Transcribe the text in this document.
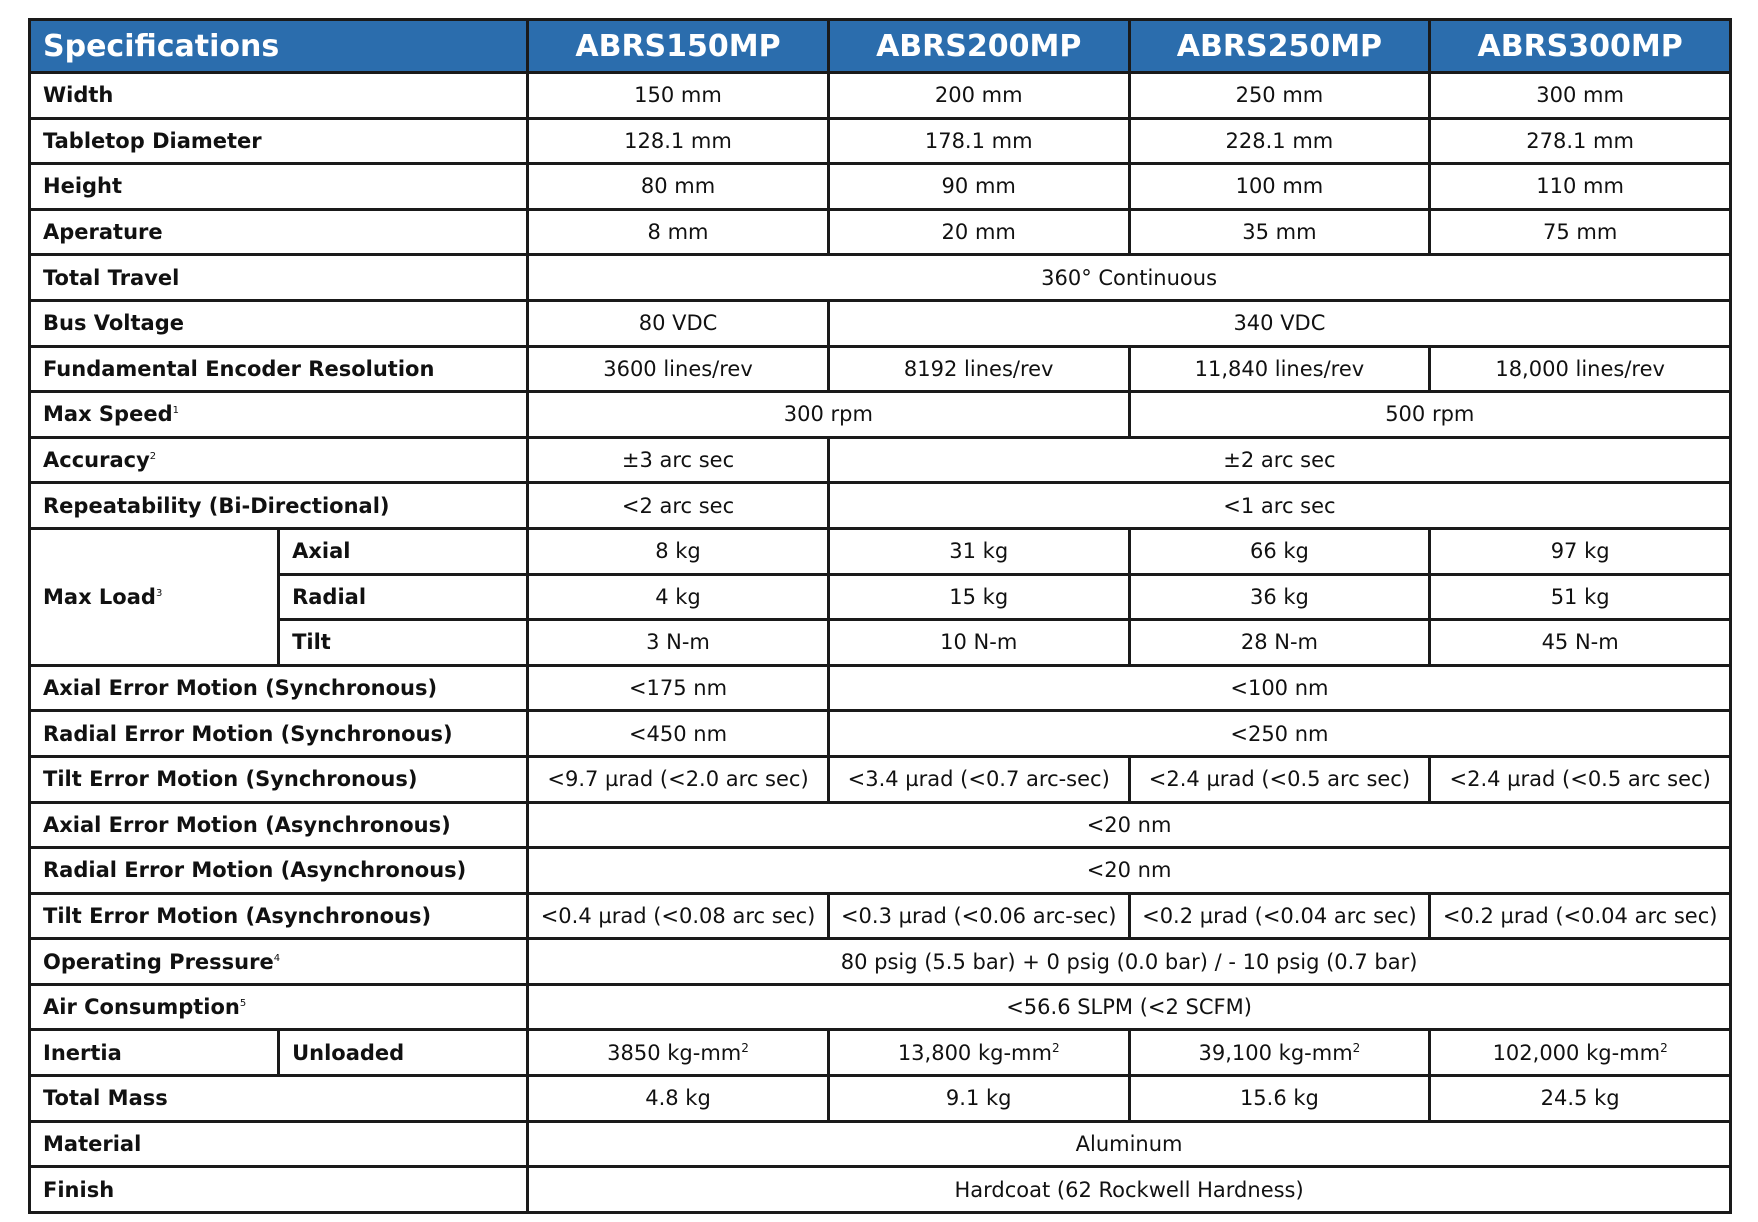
Specifications		ABRS150MP	ABRS200MP	ABRS250MP	ABRS300MP
Width		150 mm	200 mm	250 mm	300 mm
Tabletop Diameter		128.1 mm	178.1 mm	228.1 mm	278.1 mm
Height		80 mm	90 mm	100 mm	110 mm
Aperature		8 mm	20 mm	35 mm	75 mm
Total Travel		360° Continuous			
Bus Voltage		80 VDC	340 VDC		
Fundamental Encoder Resolution		3600 lines/rev	8192 lines/rev	11,840 lines/rev	18,000 lines/rev
Max Speed$^1$		300 rpm		500 rpm	
Accuracy$^2$		±3 arc sec	±2 arc sec		
Repeatability (Bi-Directional)		<2 arc sec	<1 arc sec		
Max Load$^3$	Axial	8 kg	31 kg	66 kg	97 kg
	Radial	4 kg	15 kg	36 kg	51 kg
	Tilt	3 N-m	10 N-m	28 N-m	45 N-m
Axial Error Motion (Synchronous)		<175 nm	<100 nm		
Radial Error Motion (Synchronous)		<450 nm	<250 nm		
Tilt Error Motion (Synchronous)		<9.7 µrad (<2.0 arc sec)	<3.4 µrad (<0.7 arc-sec)	<2.4 µrad (<0.5 arc sec)	<2.4 µrad (<0.5 arc sec)
Axial Error Motion (Asynchronous)		<20 nm			
Radial Error Motion (Asynchronous)		<20 nm			
Tilt Error Motion (Asynchronous)		<0.4 µrad (<0.08 arc sec)	<0.3 µrad (<0.06 arc-sec)	<0.2 µrad (<0.04 arc sec)	<0.2 µrad (<0.04 arc sec)
Operating Pressure$^4$		80 psig (5.5 bar) + 0 psig (0.0 bar) / - 10 psig (0.7 bar)			
Air Consumption$^5$		<56.6 SLPM (<2 SCFM)			
Inertia	Unloaded	3850 $kg-mm^2$	13,800 $kg-mm^2$	39,100 $kg-mm^2$	102,000 $kg-mm^2$
Total Mass		4.8 kg	9.1 kg	15.6 kg	24.5 kg
Material		Aluminum			
Finish		Hardcoat (62 Rockwell Hardness)			
